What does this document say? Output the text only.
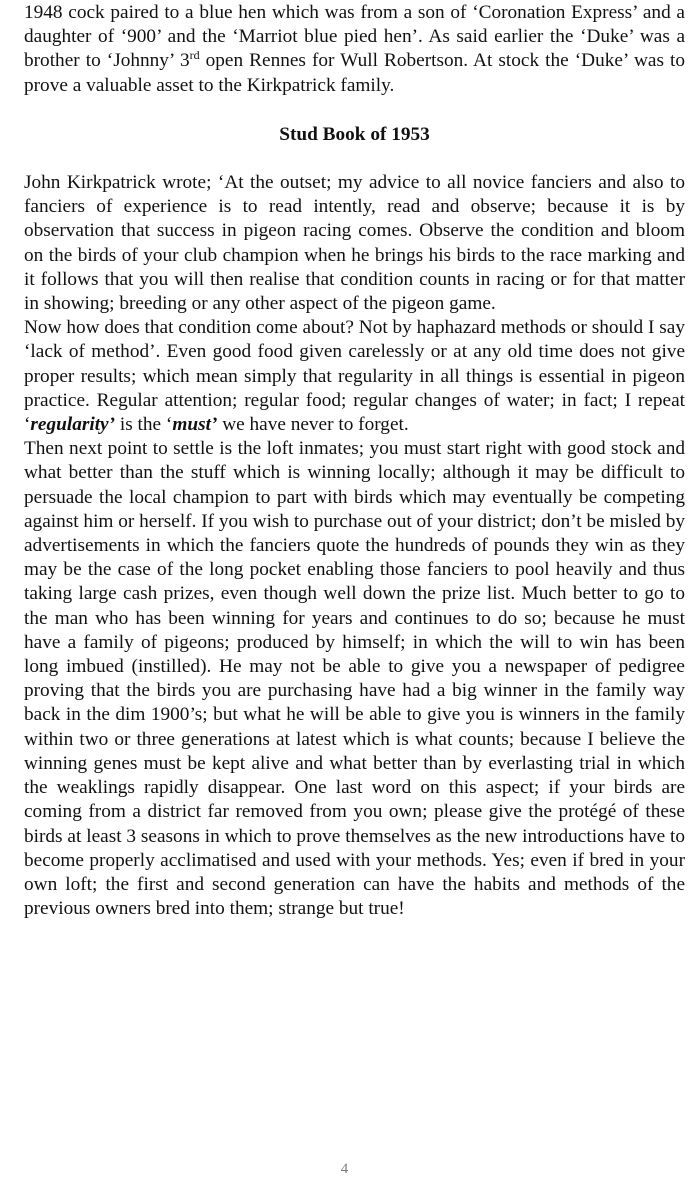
1948 cock paired to a blue hen which was from a son of ‘Coronation Express’ and a daughter of ‘900’ and the ‘Marriot blue pied hen’. As said earlier the ‘Duke’ was a brother to ‘Johnny’ 3rd open Rennes for Wull Robertson. At stock the ‘Duke’ was to prove a valuable asset to the Kirkpatrick family.

Stud Book of 1953

John Kirkpatrick wrote; ‘At the outset; my advice to all novice fanciers and also to fanciers of experience is to read intently, read and observe; because it is by observation that success in pigeon racing comes. Observe the condition and bloom on the birds of your club champion when he brings his birds to the race marking and it follows that you will then realise that condition counts in racing or for that matter in showing; breeding or any other aspect of the pigeon game.

Now how does that condition come about? Not by haphazard methods or should I say ‘lack of method’. Even good food given carelessly or at any old time does not give proper results; which mean simply that regularity in all things is essential in pigeon practice. Regular attention; regular food; regular changes of water; in fact; I repeat ‘regularity’ is the ‘must’ we have never to forget.

Then next point to settle is the loft inmates; you must start right with good stock and what better than the stuff which is winning locally; although it may be difficult to persuade the local champion to part with birds which may eventually be competing against him or herself. If you wish to purchase out of your district; don’t be misled by advertisements in which the fanciers quote the hundreds of pounds they win as they may be the case of the long pocket enabling those fanciers to pool heavily and thus taking large cash prizes, even though well down the prize list. Much better to go to the man who has been winning for years and continues to do so; because he must have a family of pigeons; produced by himself; in which the will to win has been long imbued (instilled). He may not be able to give you a newspaper of pedigree proving that the birds you are purchasing have had a big winner in the family way back in the dim 1900’s; but what he will be able to give you is winners in the family within two or three generations at latest which is what counts; because I believe the winning genes must be kept alive and what better than by everlasting trial in which the weaklings rapidly disappear. One last word on this aspect; if your birds are coming from a district far removed from you own; please give the protégé of these birds at least 3 seasons in which to prove themselves as the new introductions have to become properly acclimatised and used with your methods. Yes; even if bred in your own loft; the first and second generation can have the habits and methods of the previous owners bred into them; strange but true!

4
